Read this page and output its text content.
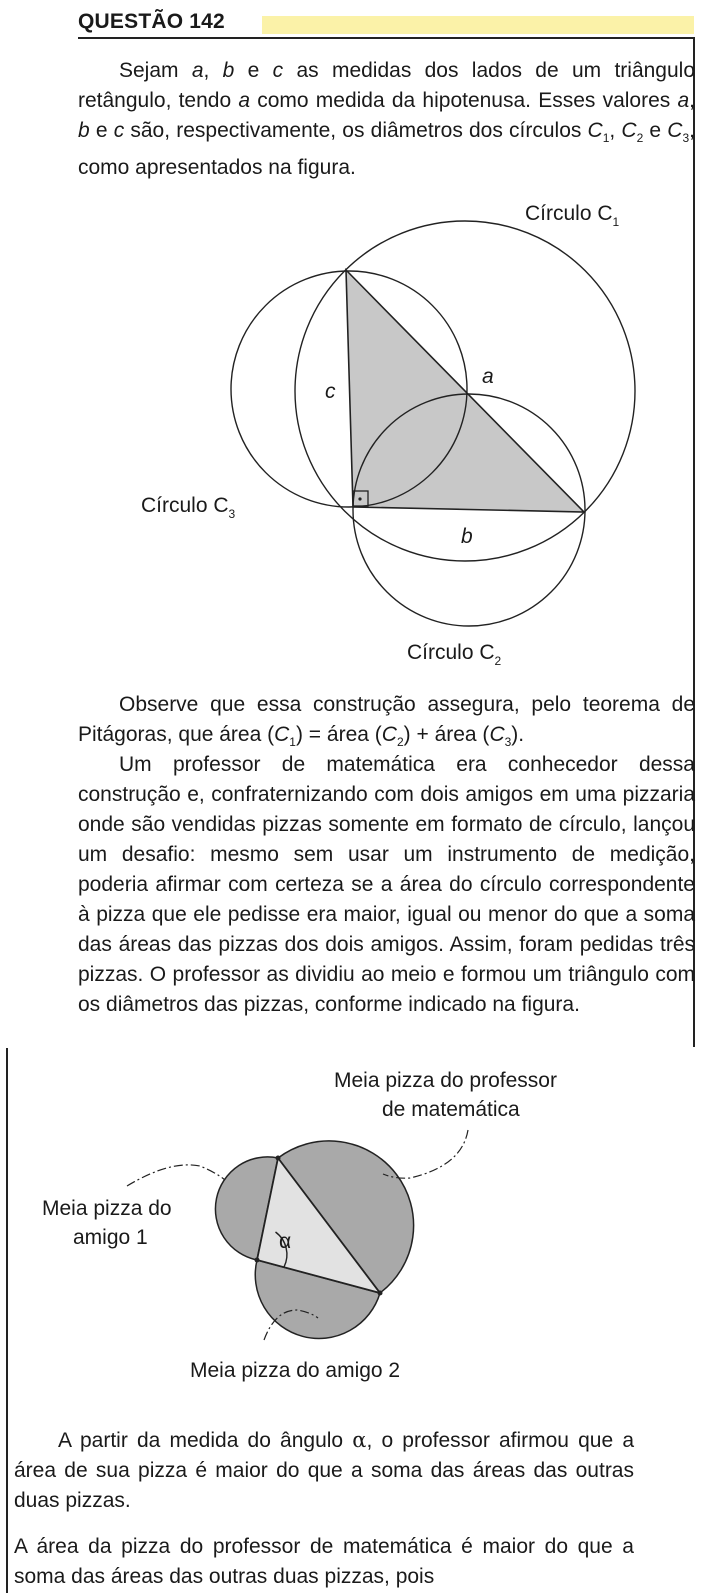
QUESTÃO 142
Sejam a, b e c as medidas dos lados de um triângulo retângulo, tendo a como medida da hipotenusa. Esses valores a, b e c são, respectivamente, os diâmetros dos círculos $C_1$, $C_2$ e $C_3$, como apresentados na figura.
Círculo $C_1$
Círculo $C_2$
Círculo $C_3$
a
b
c
Observe que essa construção assegura, pelo teorema de Pitágoras, que área $(C_1)$ = área $(C_2)$ + área $(C_3)$.
Um professor de matemática era conhecedor dessa construção e, confraternizando com dois amigos em uma pizzaria onde são vendidas pizzas somente em formato de círculo, lançou um desafio: mesmo sem usar um instrumento de medição, poderia afirmar com certeza se a área do círculo correspondente à pizza que ele pedisse era maior, igual ou menor do que a soma das áreas das pizzas dos dois amigos. Assim, foram pedidas três pizzas. O professor as dividiu ao meio e formou um triângulo com os diâmetros das pizzas, conforme indicado na figura.
α
Meia pizza do professor
de matemática
Meia pizza do
amigo 1
Meia pizza do amigo 2
A partir da medida do ângulo α, o professor afirmou que a área de sua pizza é maior do que a soma das áreas das outras duas pizzas.
A área da pizza do professor de matemática é maior do que a soma das áreas das outras duas pizzas, pois
